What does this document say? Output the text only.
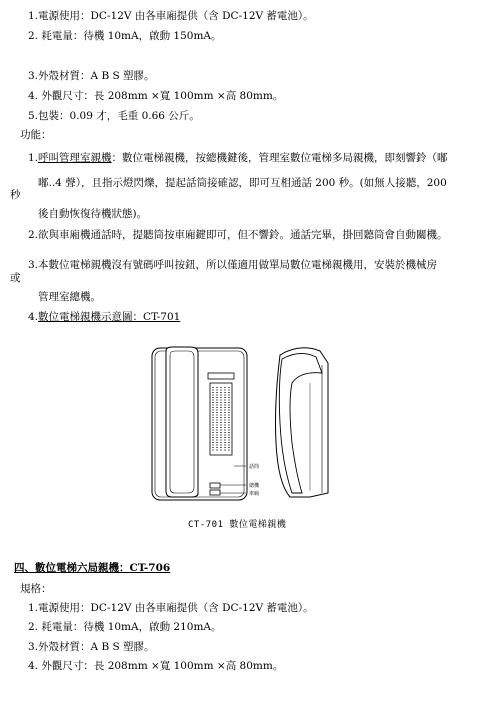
1.電源使用：DC-12V 由各車廂提供（含 DC-12V 蓄電池）。
2. 耗電量：待機 10mA，啟動 150mA。
3.外殼材質：A B S 塑膠。
4. 外觀尺寸：長 208mm ×寬 100mm ×高 80mm。
5.包裝：0.09 才，毛重 0.66 公斤。
功能：
1.呼叫管理室親機：數位電梯親機，按總機鍵後，管理室數位電梯多局親機，即刻響鈴（嘟
嘟..4 聲），且指示燈閃爍，提起話筒接確認，即可互相通話 200 秒。(如無人接聽，200
秒
後自動恢復待機狀態)。
2.欲與車廂機通話時，提聽筒按車廂鍵即可，但不響鈴。通話完畢，掛回聽筒會自動關機。
3.本數位電梯親機沒有號碼呼叫按鈕，所以僅適用做單局數位電梯親機用，安裝於機械房
或
管理室總機。
4.數位電梯親機示意圖：CT-701
話筒
總機
車廂
CT-701 數位電梯親機
四、數位電梯六局親機：CT-706
規格：
1.電源使用：DC-12V 由各車廂提供（含 DC-12V 蓄電池）。
2. 耗電量：待機 10mA，啟動 210mA。
3.外殼材質：A B S 塑膠。
4. 外觀尺寸：長 208mm ×寬 100mm ×高 80mm。
